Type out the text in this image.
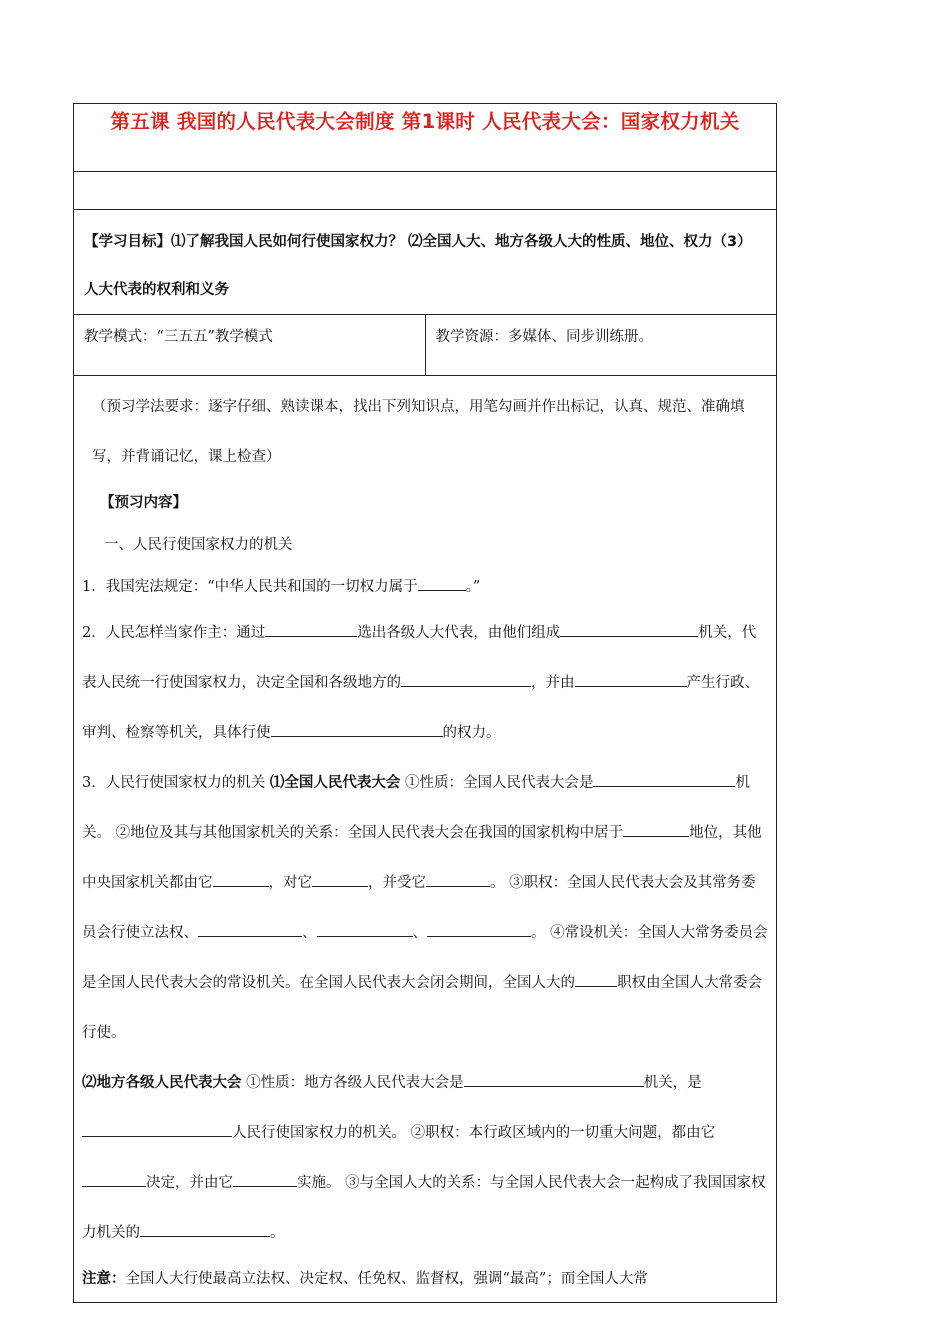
第五课 我国的人民代表大会制度 第1课时 人民代表大会：国家权力机关

【学习目标】⑴了解我国人民如何行使国家权力？ ⑵全国人大、地方各级人大的性质、地位、权力（3）人大代表的权利和义务

教学模式：“三五五”教学模式	教学资源：多媒体、同步训练册。

（预习学法要求：逐字仔细、熟读课本，找出下列知识点，用笔勾画并作出标记，认真、规范、准确填写，并背诵记忆，课上检查）

【预习内容】

一、人民行使国家权力的机关

1．我国宪法规定：“中华人民共和国的一切权力属于	。”

2．人民怎样当家作主：通过	选出各级人大代表，由他们组成	机关，代表人民统一行使国家权力，决定全国和各级地方的	，并由	产生行政、审判、检察等机关，具体行使	的权力。

3．人民行使国家权力的机关 ⑴全国人民代表大会 ①性质：全国人民代表大会是	机关。 ②地位及其与其他国家机关的关系：全国人民代表大会在我国的国家机构中居于	地位，其他中央国家机关都由它	，对它	，并受它	。 ③职权：全国人民代表大会及其常务委员会行使立法权、	、	、	。 ④常设机关：全国人大常务委员会是全国人民代表大会的常设机关。在全国人民代表大会闭会期间，全国人大的	职权由全国人大常委会行使。

⑵地方各级人民代表大会 ①性质：地方各级人民代表大会是	机关，是人民行使国家权力的机关。 ②职权：本行政区域内的一切重大问题，都由它决定，并由它	实施。 ③与全国人大的关系：与全国人民代表大会一起构成了我国国家权力机关的	。

注意：全国人大行使最高立法权、决定权、任免权、监督权，强调“最高”；而全国人大常
